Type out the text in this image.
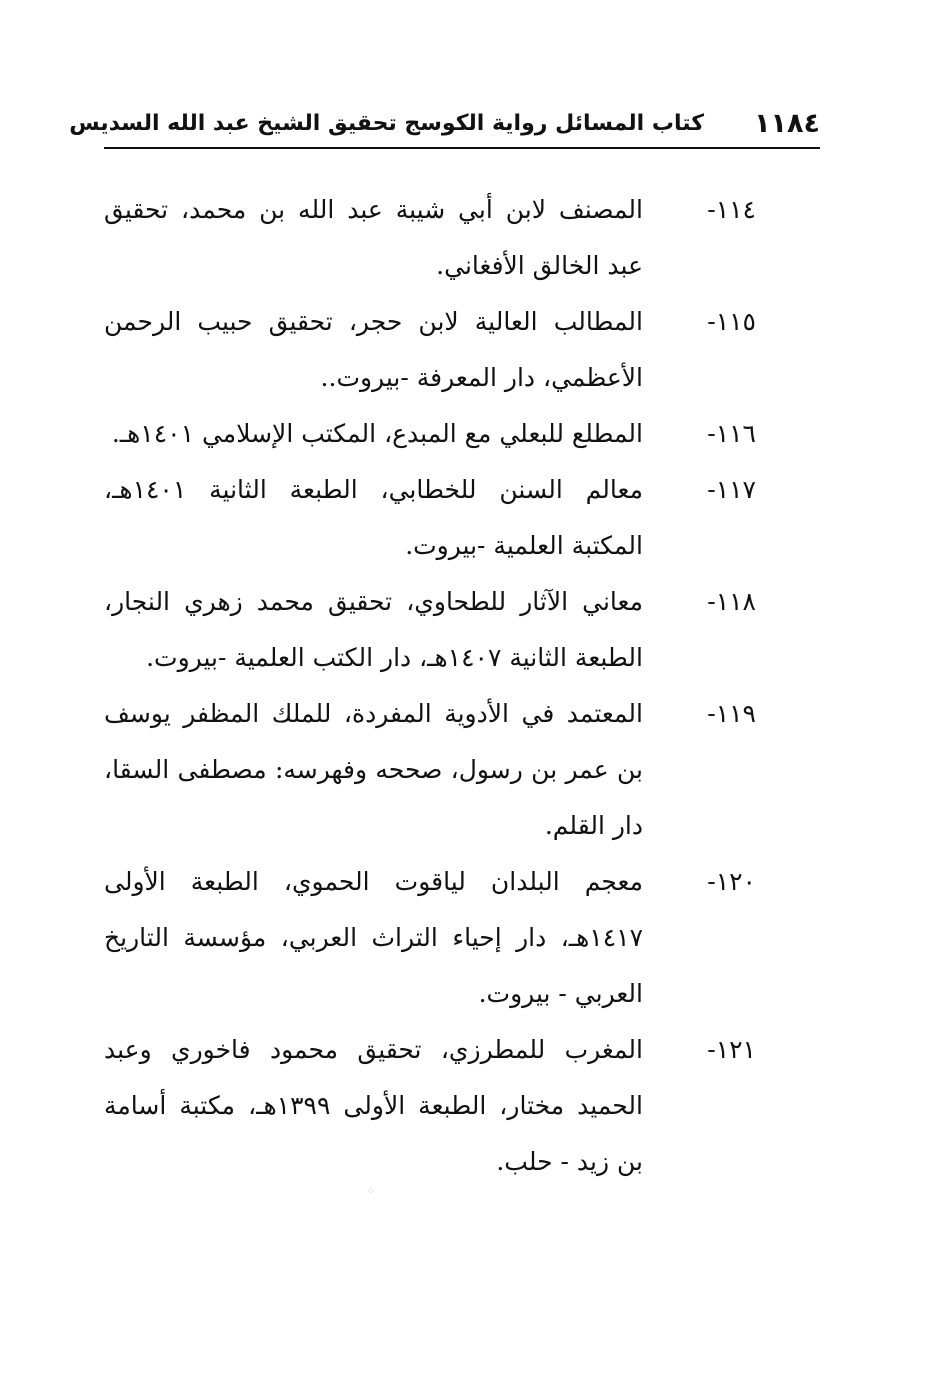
١١٨٤
كتاب المسائل رواية الكوسج تحقيق الشيخ عبد الله السديس
١١٤-
المصنف لابن أبي شيبة عبد الله بن محمد، تحقيق عبد الخالق الأفغاني.
١١٥-
المطالب العالية لابن حجر، تحقيق حبيب الرحمن الأعظمي، دار المعرفة -بيروت..
١١٦-
المطلع للبعلي مع المبدع، المكتب الإسلامي ١٤٠١هـ.
١١٧-
معالم السنن للخطابي، الطبعة الثانية ١٤٠١هـ، المكتبة العلمية -بيروت.
١١٨-
معاني الآثار للطحاوي، تحقيق محمد زهري النجار، الطبعة الثانية ١٤٠٧هـ، دار الكتب العلمية -بيروت.
١١٩-
المعتمد في الأدوية المفردة، للملك المظفر يوسف بن عمر بن رسول، صححه وفهرسه: مصطفى السقا، دار القلم.
١٢٠-
معجم البلدان لياقوت الحموي، الطبعة الأولى ١٤١٧هـ، دار إحياء التراث العربي، مؤسسة التاريخ العربي - بيروت.
١٢١-
المغرب للمطرزي، تحقيق محمود فاخوري وعبد الحميد مختار، الطبعة الأولى ١٣٩٩هـ، مكتبة أسامة بن زيد - حلب.
⁘
